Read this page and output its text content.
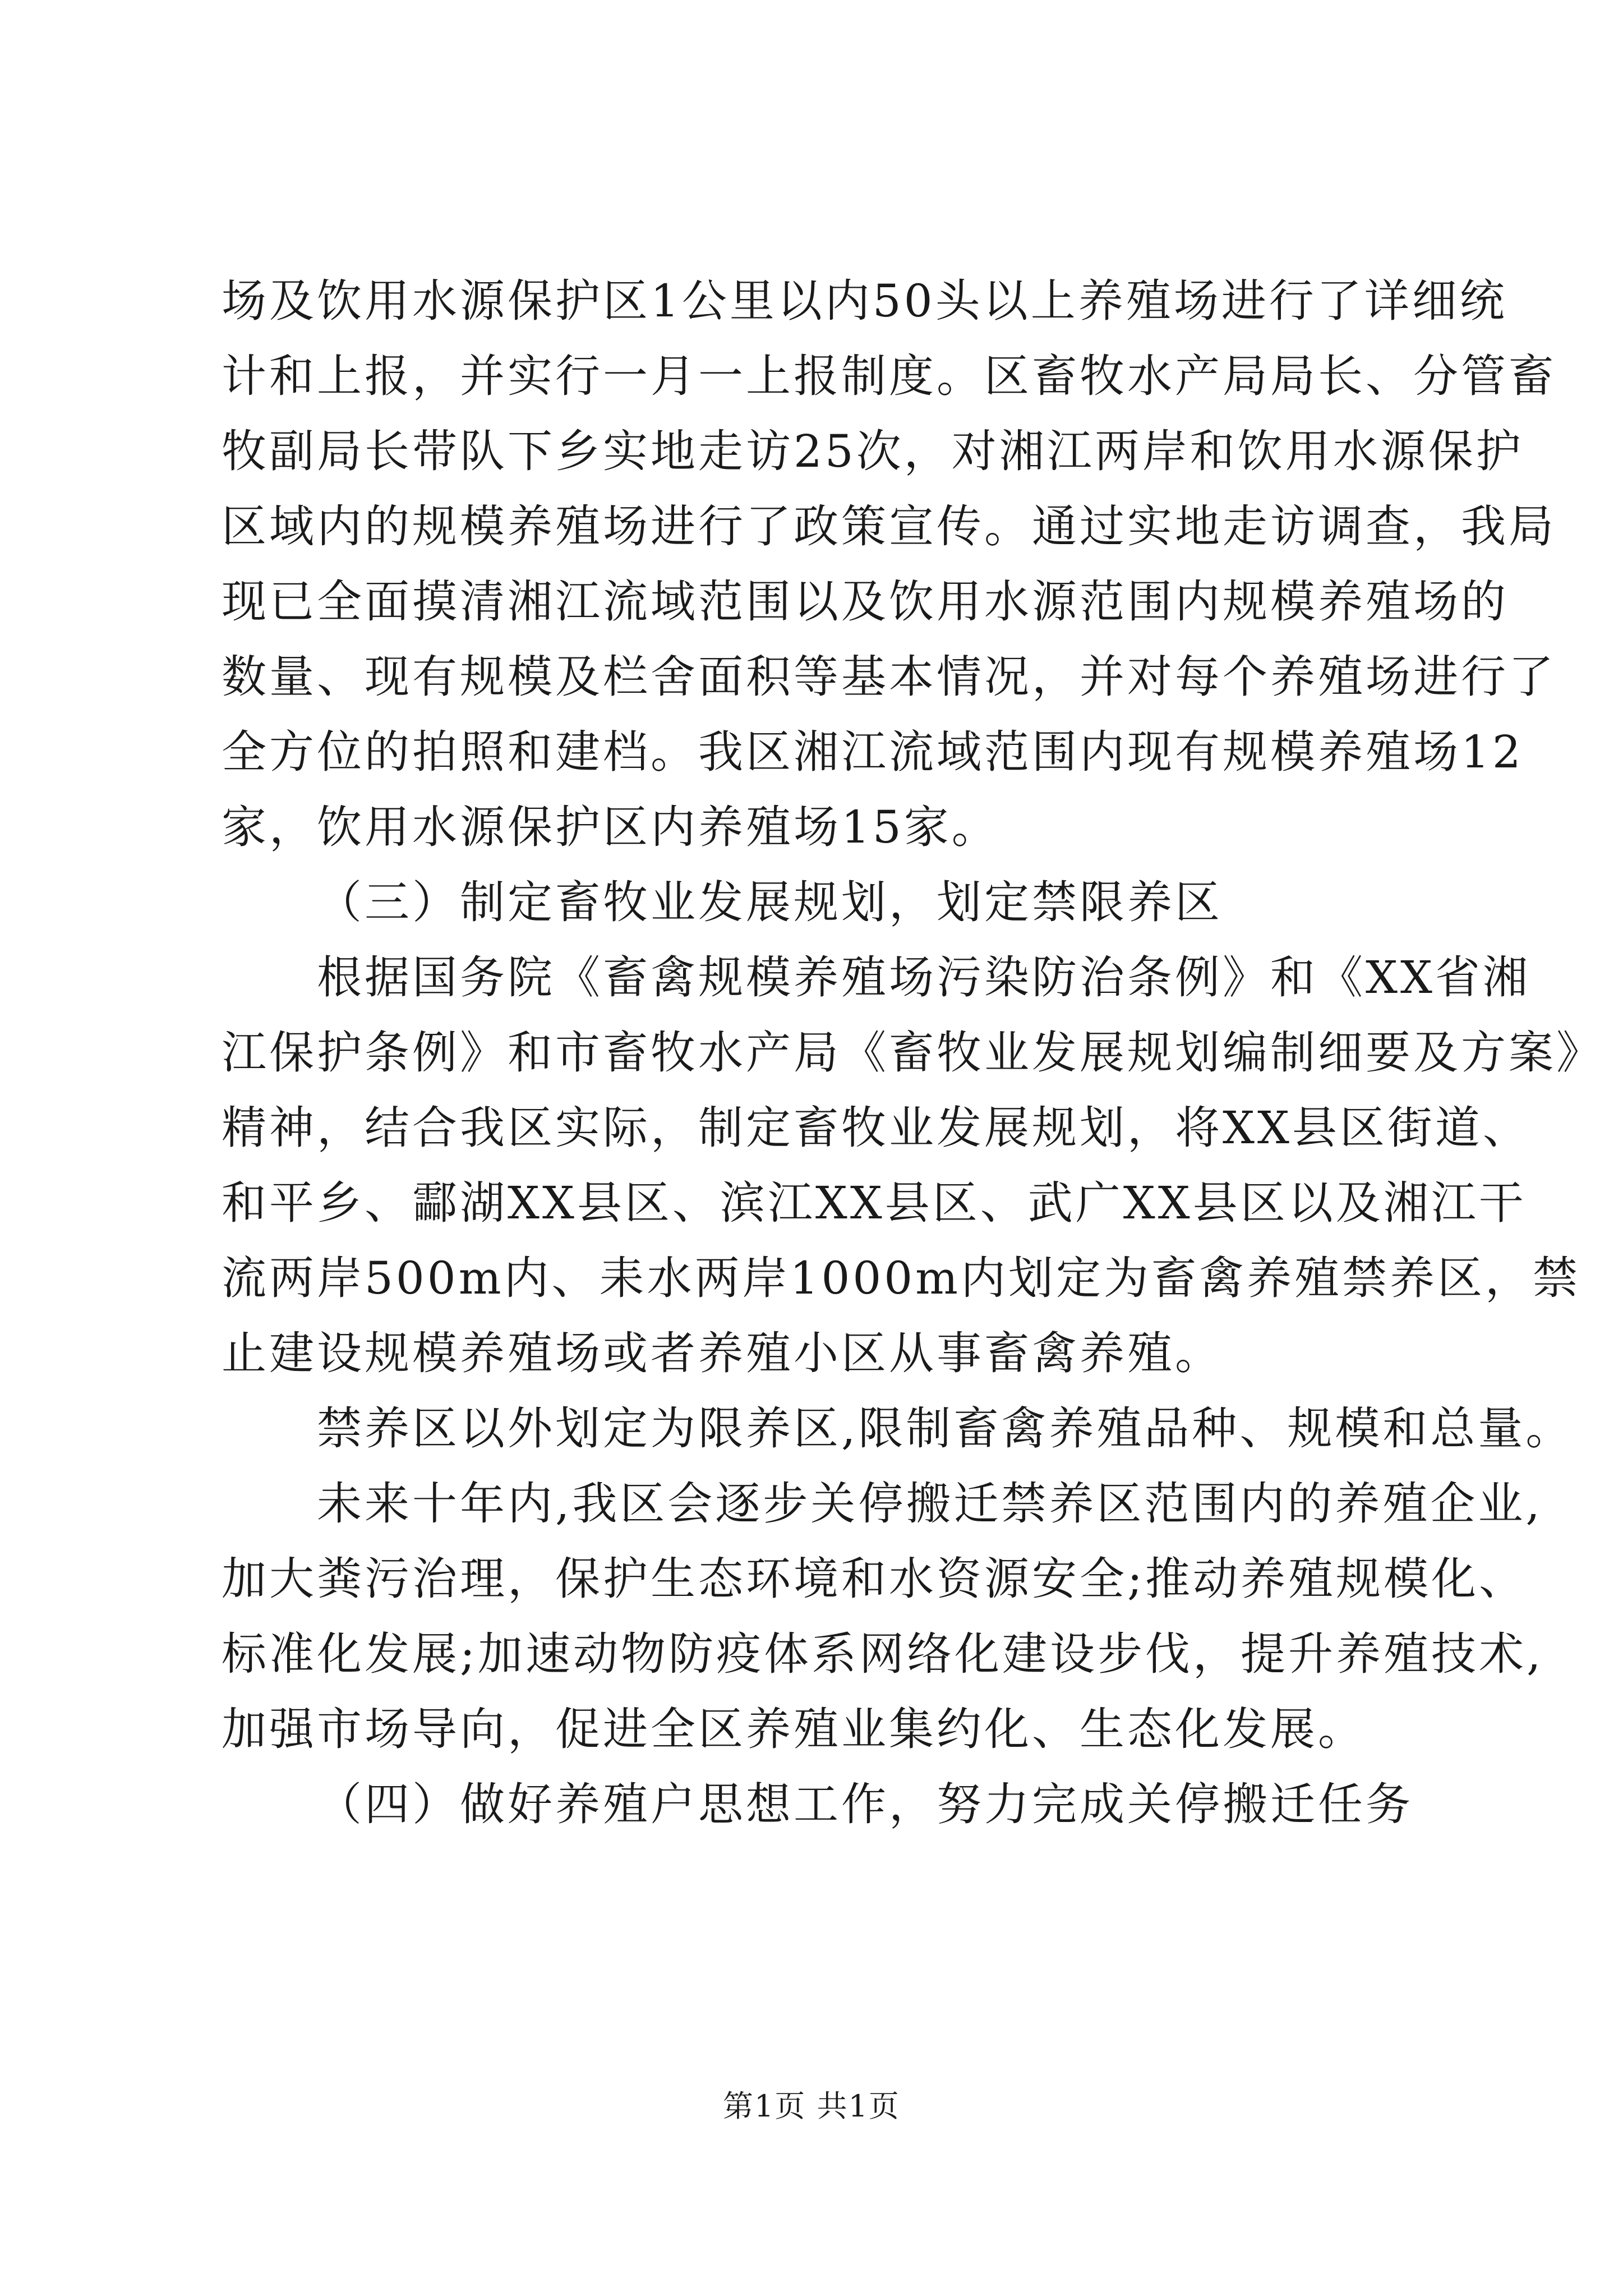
场及饮用水源保护区1公里以内50头以上养殖场进行了详细统
计和上报，并实行一月一上报制度。区畜牧水产局局长、分管畜
牧副局长带队下乡实地走访25次，对湘江两岸和饮用水源保护
区域内的规模养殖场进行了政策宣传。通过实地走访调查，我局
现已全面摸清湘江流域范围以及饮用水源范围内规模养殖场的
数量、现有规模及栏舍面积等基本情况，并对每个养殖场进行了
全方位的拍照和建档。我区湘江流域范围内现有规模养殖场12
家，饮用水源保护区内养殖场15家。
（三）制定畜牧业发展规划，划定禁限养区
根据国务院《畜禽规模养殖场污染防治条例》和《XX省湘
江保护条例》和市畜牧水产局《畜牧业发展规划编制细要及方案》
精神，结合我区实际，制定畜牧业发展规划，将XX县区街道、
和平乡、酃湖XX县区、滨江XX县区、武广XX县区以及湘江干
流两岸500m内、耒水两岸1000m内划定为畜禽养殖禁养区，禁
止建设规模养殖场或者养殖小区从事畜禽养殖。
禁养区以外划定为限养区,限制畜禽养殖品种、规模和总量。
未来十年内,我区会逐步关停搬迁禁养区范围内的养殖企业,
加大粪污治理，保护生态环境和水资源安全;推动养殖规模化、
标准化发展;加速动物防疫体系网络化建设步伐，提升养殖技术,
加强市场导向，促进全区养殖业集约化、生态化发展。
（四）做好养殖户思想工作，努力完成关停搬迁任务
第1页 共1页
